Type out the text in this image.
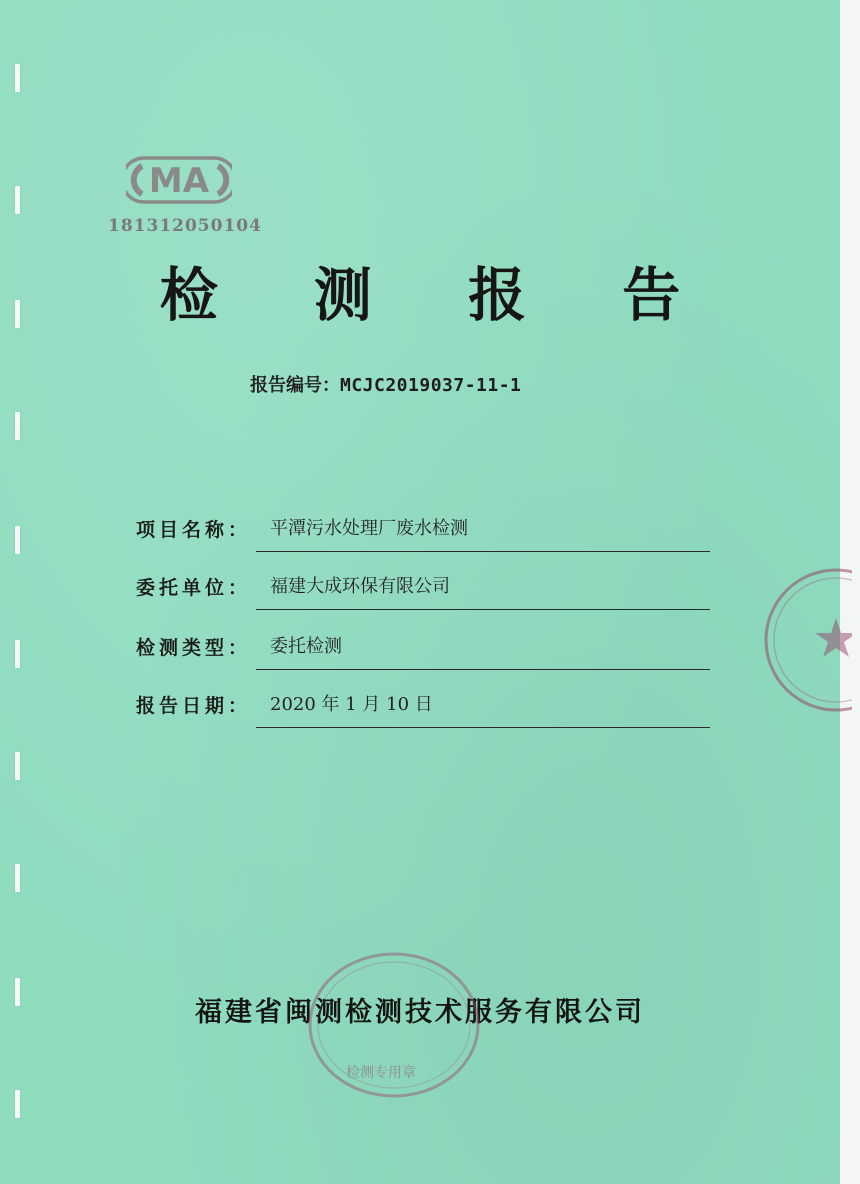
MA
181312050104
检 测 报 告
报告编号：MCJC2019037-11-1
项目名称： 平潭污水处理厂废水检测
委托单位： 福建大成环保有限公司
检测类型： 委托检测
报告日期： 2020 年 1 月 10 日
福建省闽测检测技术服务有限公司
检测专用章
